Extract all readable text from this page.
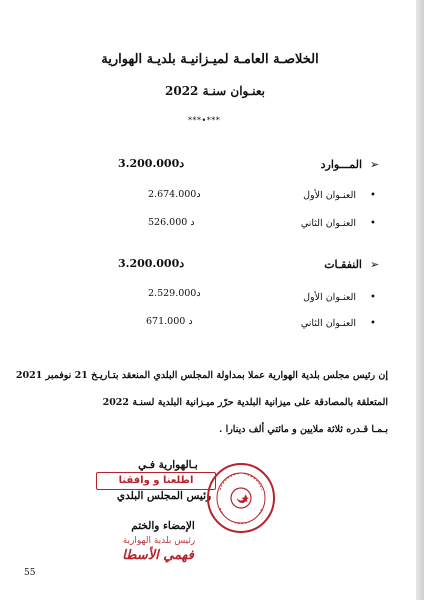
الخلاصـة العامـة لميـزانيـة بلديـة الهوارية
بعنـوان سنـة 2022
***•***
➢
المـــوارد
3.200.000د
•
العنـوان الأول
2.674.000د
•
العنـوان الثاني
526.000 د
➢
النفقـات
3.200.000د
•
العنـوان الأول
2.529.000د
•
العنـوان الثاني
671.000 د
إن رئيس مجلس بلدية الهوارية عملا بمداولة المجلس البلدي المنعقد بتـاريـخ 21 نوفمبر 2021
المتعلقة بالمصادقة على ميزانية البلدية حرّر ميـزانية البلدية لسنـة 2022
بـمـا قـدره ثلاثة ملايين و مائتي ألف دينارا .
بـالهوارية فـي
اطلعنا و وافقنا
رئيس المجلس البلدي
الإمضاء والختم
رئيس بلدية الهوارية
فهمي الأسطا
55
